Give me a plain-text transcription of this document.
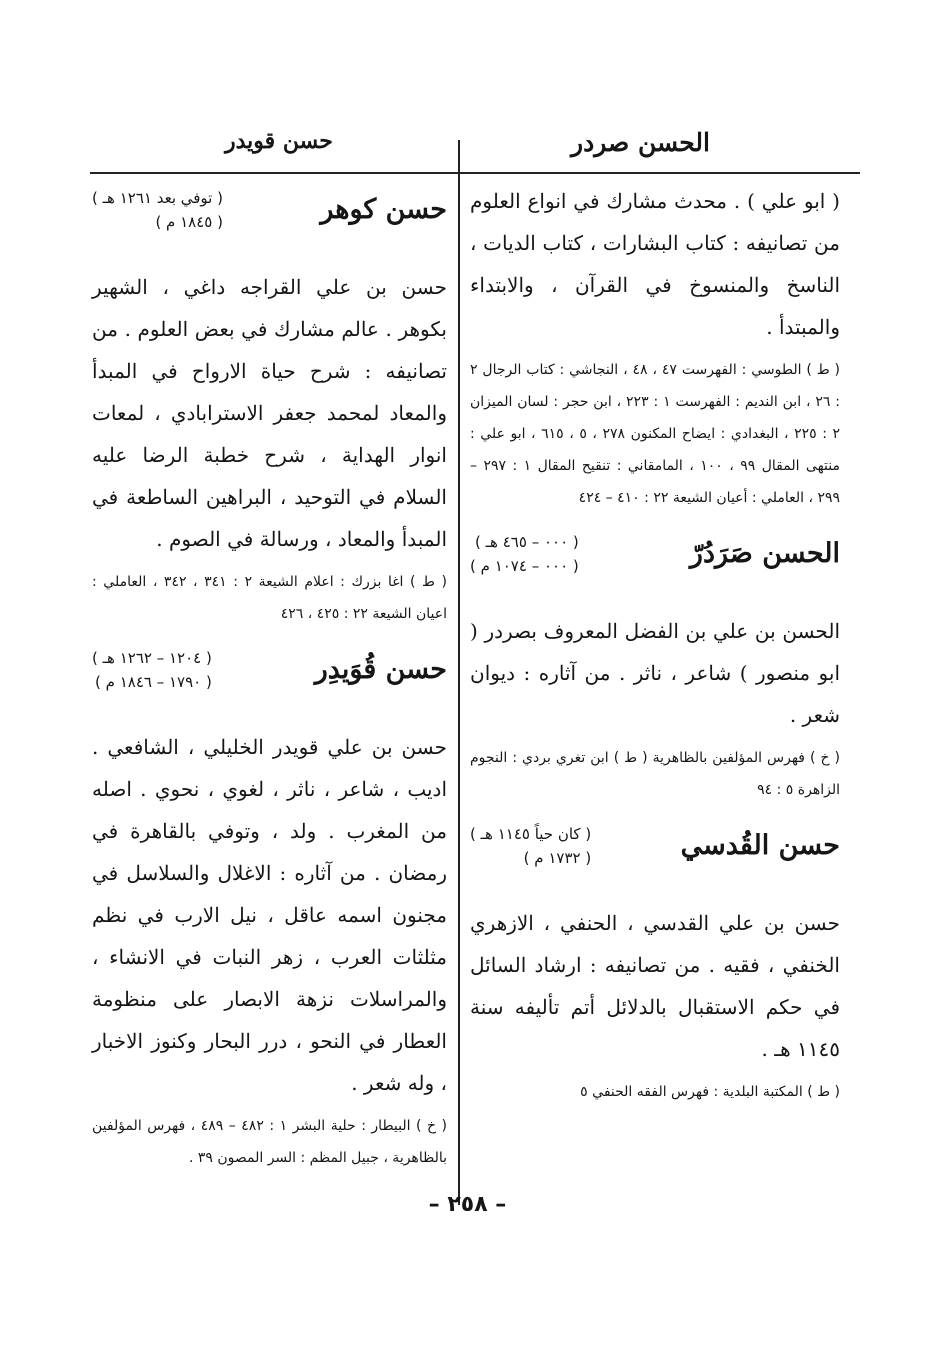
الحسن صردر
حسن قويدر

( ابو علي ) . محدث مشارك في انواع العلوم من تصانيفه : كتاب البشارات ، كتاب الديات ، الناسخ والمنسوخ في القرآن ، والابتداء والمبتدأ .

( ط ) الطوسي : الفهرست ٤٧ ، ٤٨ ، النجاشي : كتاب الرجال ٢ : ٢٦ ، ابن النديم : الفهرست ١ : ٢٢٣ ، ابن حجر : لسان الميزان ٢ : ٢٢٥ ، البغدادي : ايضاح المكنون ٢٧٨ ، ٥ ، ٦١٥ ، ابو علي : منتهى المقال ٩٩ ، ١٠٠ ، المامقاني : تنقيح المقال ١ : ٢٩٧ – ٢٩٩ ، العاملي : أعيان الشيعة ٢٢ : ٤١٠ – ٤٢٤

الحسن صَرَدُرّ
( ٠٠٠ – ٤٦٥ هـ )
( ٠٠٠ – ١٠٧٤ م )

الحسن بن علي بن الفضل المعروف بصردر ( ابو منصور ) شاعر ، ناثر . من آثاره : ديوان شعر .

( خ ) فهرس المؤلفين بالظاهرية ( ط ) ابن تغري بردي : النجوم الزاهرة ٥ : ٩٤

حسن القُدسي
( كان حياً ١١٤٥ هـ )
( ١٧٣٢ م )

حسن بن علي القدسي ، الحنفي ، الازهري الخنفي ، فقيه . من تصانيفه : ارشاد السائل في حكم الاستقبال بالدلائل أتم تأليفه سنة ١١٤٥ هـ .

( ط ) المكتبة البلدية : فهرس الفقه الحنفي ٥

حسن كوهر
( توفي بعد ١٢٦١ هـ )
( ١٨٤٥ م )

حسن بن علي القراجه داغي ، الشهير بكوهر . عالم مشارك في بعض العلوم . من تصانيفه : شرح حياة الارواح في المبدأ والمعاد لمحمد جعفر الاسترابادي ، لمعات انوار الهداية ، شرح خطبة الرضا عليه السلام في التوحيد ، البراهين الساطعة في المبدأ والمعاد ، ورسالة في الصوم .

( ط ) اغا بزرك : اعلام الشيعة ٢ : ٣٤١ ، ٣٤٢ ، العاملي : اعيان الشيعة ٢٢ : ٤٢٥ ، ٤٢٦

حسن قُوَيدِر
( ١٢٠٤ – ١٢٦٢ هـ )
( ١٧٩٠ – ١٨٤٦ م )

حسن بن علي قويدر الخليلي ، الشافعي . اديب ، شاعر ، ناثر ، لغوي ، نحوي . اصله من المغرب . ولد ، وتوفي بالقاهرة في رمضان . من آثاره : الاغلال والسلاسل في مجنون اسمه عاقل ، نيل الارب في نظم مثلثات العرب ، زهر النبات في الانشاء ، والمراسلات نزهة الابصار على منظومة العطار في النحو ، درر البحار وكنوز الاخبار ، وله شعر .

( خ ) البيطار : حلية البشر ١ : ٤٨٢ – ٤٨٩ ، فهرس المؤلفين بالظاهرية ، جبيل المظم : السر المصون ٣٩ .

– ٢٥٨ –
